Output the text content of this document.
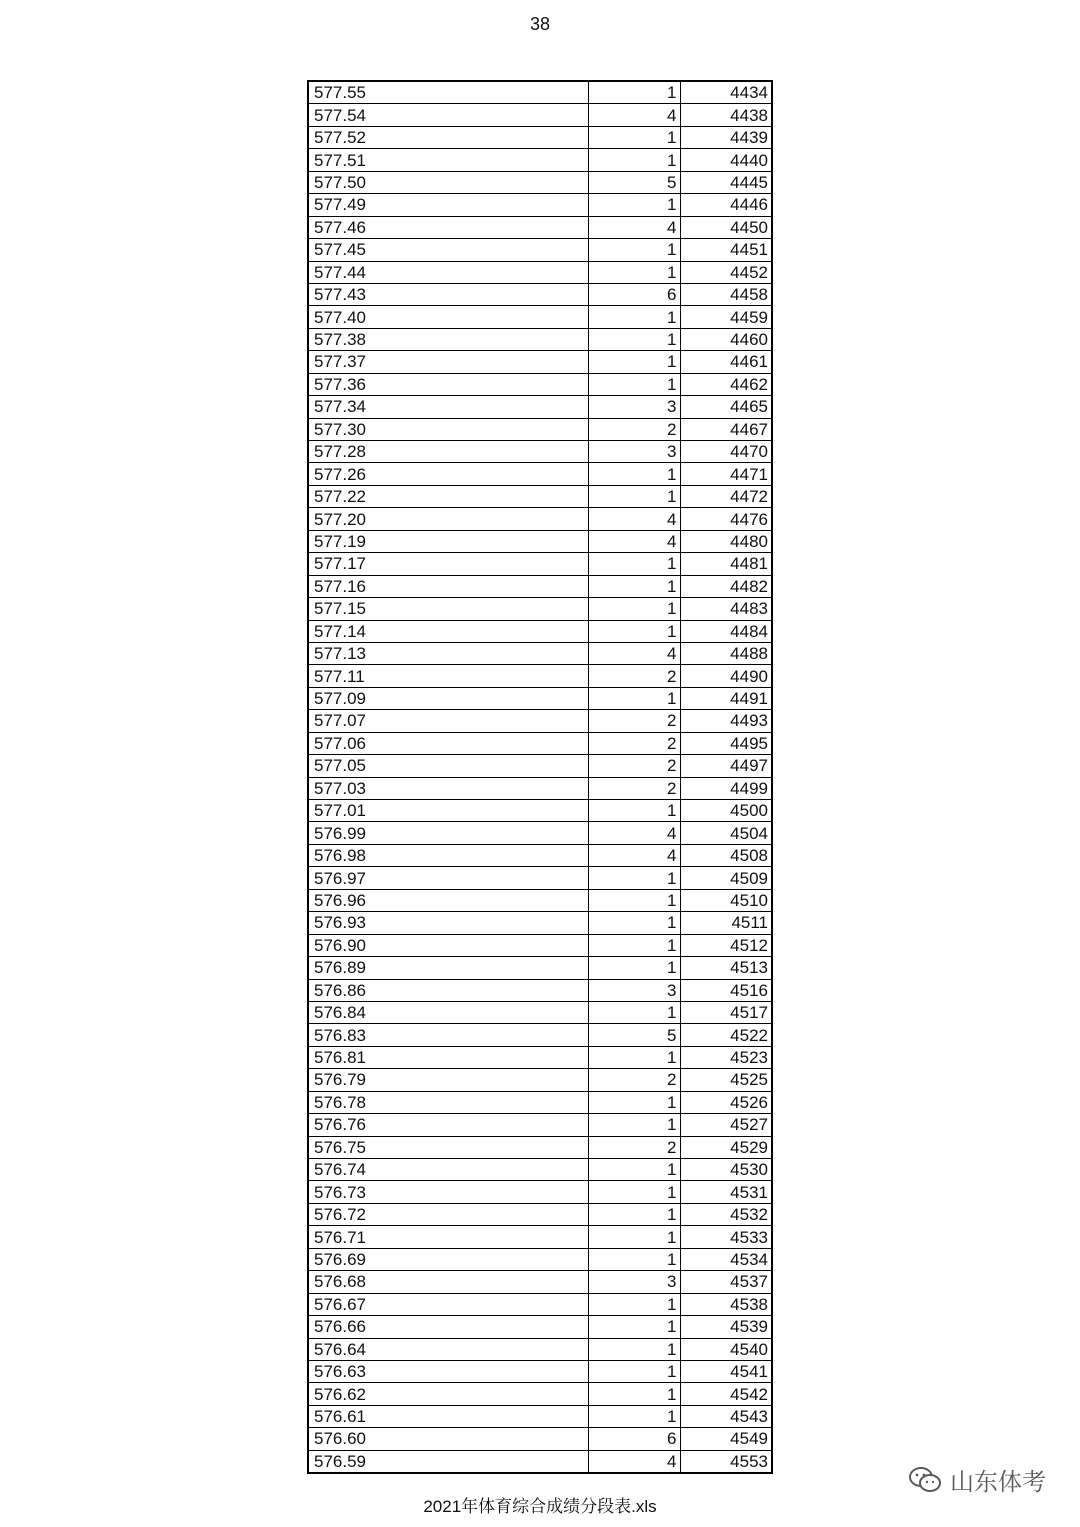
38
577.55	1	4434
577.54	4	4438
577.52	1	4439
577.51	1	4440
577.50	5	4445
577.49	1	4446
577.46	4	4450
577.45	1	4451
577.44	1	4452
577.43	6	4458
577.40	1	4459
577.38	1	4460
577.37	1	4461
577.36	1	4462
577.34	3	4465
577.30	2	4467
577.28	3	4470
577.26	1	4471
577.22	1	4472
577.20	4	4476
577.19	4	4480
577.17	1	4481
577.16	1	4482
577.15	1	4483
577.14	1	4484
577.13	4	4488
577.11	2	4490
577.09	1	4491
577.07	2	4493
577.06	2	4495
577.05	2	4497
577.03	2	4499
577.01	1	4500
576.99	4	4504
576.98	4	4508
576.97	1	4509
576.96	1	4510
576.93	1	4511
576.90	1	4512
576.89	1	4513
576.86	3	4516
576.84	1	4517
576.83	5	4522
576.81	1	4523
576.79	2	4525
576.78	1	4526
576.76	1	4527
576.75	2	4529
576.74	1	4530
576.73	1	4531
576.72	1	4532
576.71	1	4533
576.69	1	4534
576.68	3	4537
576.67	1	4538
576.66	1	4539
576.64	1	4540
576.63	1	4541
576.62	1	4542
576.61	1	4543
576.60	6	4549
576.59	4	4553
2021年体育综合成绩分段表.xls
山东体考
